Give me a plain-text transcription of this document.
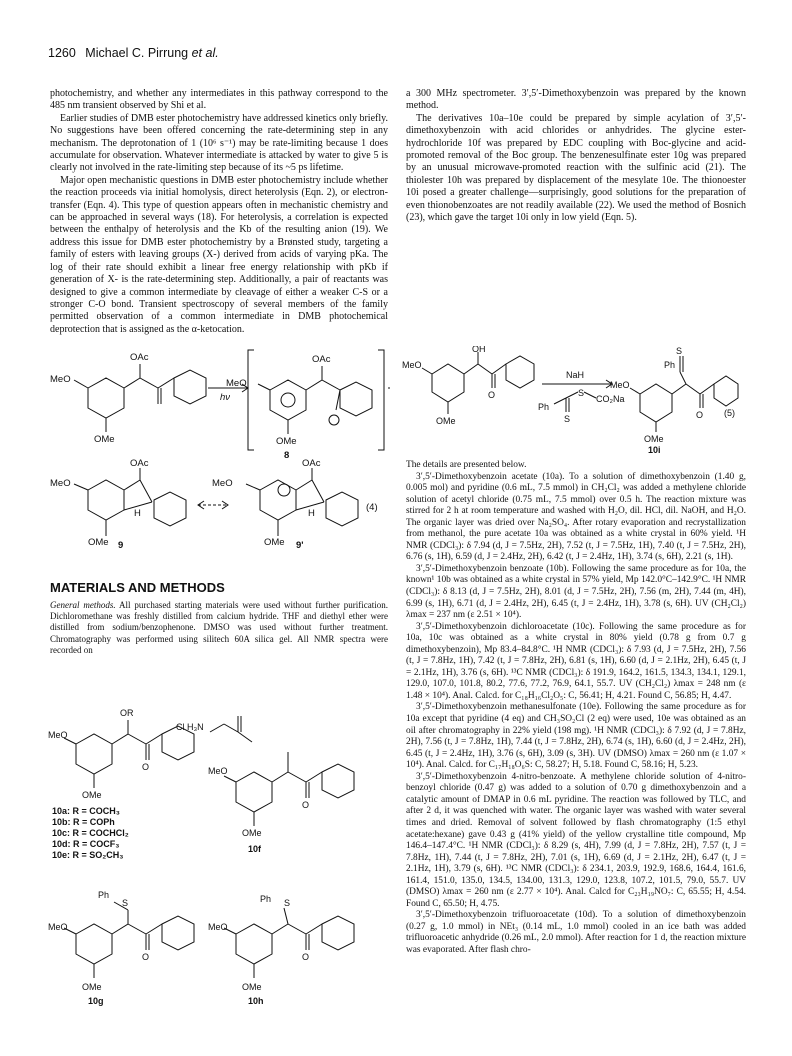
1260 Michael C. Pirrung et al.

photochemistry, and whether any intermediates in this pathway correspond to the 485 nm transient observed by Shi et al.

Earlier studies of DMB ester photochemistry have addressed kinetics only briefly. No suggestions have been offered concerning the rate-determining step in any mechanism. The deprotonation of 1 (10⁶ s⁻¹) may be rate-limiting because 1 does accumulate for observation. Whatever intermediate is attacked by water to give 5 is clearly not involved in the rate-limiting step because of its ~5 ps lifetime.

Major open mechanistic questions in DMB ester photochemistry include whether the reaction proceeds via initial homolysis, direct heterolysis (Eqn. 2), or electron-transfer (Eqn. 4). This type of question appears often in mechanistic chemistry and can be approached in several ways (18). For heterolysis, a correlation is expected between the enthalpy of heterolysis and the Kb of the resulting anion (19). We address this issue for DMB ester photochemistry by a Brønsted study, targeting a family of esters with leaving groups (X-) derived from acids of varying pKa. The log of their rate should exhibit a linear free energy relationship with pKb if generation of X- is the rate-determining step. Additionally, a pair of reactants was designed to give a common intermediate by cleavage of either a weaker C-S or a stronger C-O bond. Transient spectroscopy of several members of the family permitted observation of a common intermediate in DMB photochemical deprotection that is assigned as the α-ketocation.

OAc
MeO
OMe
hν
OAc
MeO
OMe
8
OAc
MeO
H
OMe 9
OAc
MeO
H
OMe 9'
(4)
MATERIALS AND METHODS
General methods. All purchased starting materials were used without further purification. Dichloromethane was freshly distilled from calcium hydride. THF and diethyl ether were distilled from sodium/benzophenone. DMSO was used without further treatment. Chromatography was performed using silitech 60A silica gel. All NMR spectra were recorded on
OR
MeO
OMe
O
Cl H₃N
MeO
OMe
O
10f
Ph
S
MeO
OMe
O
10g
Ph S
MeO
OMe
O
10h
10a: R = COCH₃
10b: R = COPh
10c: R = COCHCl₂
10d: R = COCF₃
10e: R = SO₂CH₃

a 300 MHz spectrometer. 3′,5′-Dimethoxybenzoin was prepared by the known method.

The derivatives 10a–10e could be prepared by simple acylation of 3′,5′-dimethoxybenzoin with acid chlorides or anhydrides. The glycine ester-hydrochloride 10f was prepared by EDC coupling with Boc-glycine and acid-promoted removal of the Boc group. The benzenesulfinate ester 10g was prepared by an unusual microwave-promoted reaction with the sulfinic acid (21). The thiolester 10h was prepared by displacement of the mesylate 10e. The thionoester 10i posed a greater challenge—surprisingly, good solutions for the preparation of even thionobenzoates are not readily available (22). We used the method of Bosnich (23), which gave the target 10i only in low yield (Eqn. 5).

OH
MeO
OMe
O
NaH
Ph
S
CO₂Na
S
S
Ph
MeO
OMe
O
10i
(5)

The details are presented below.

3′,5′-Dimethoxybenzoin acetate (10a). To a solution of dimethoxybenzoin (1.40 g, 0.005 mol) and pyridine (0.6 mL, 7.5 mmol) in CH₂Cl₂ was added a methylene chloride solution of acetyl chloride (0.75 mL, 7.5 mmol) over 0.5 h. The reaction mixture was stirred for 2 h at room temperature and washed with H₂O, dil. HCl, dil. NaOH, and H₂O. The organic layer was dried over Na₂SO₄. After rotary evaporation and recrystallization from methanol, the pure acetate 10a was obtained as a white crystal in 60% yield. ¹H NMR (CDCl₃): δ 7.94 (d, J = 7.5Hz, 2H), 7.52 (t, J = 7.5Hz, 1H), 7.40 (t, J = 7.5Hz, 2H), 6.76 (s, 1H), 6.59 (d, J = 2.4Hz, 2H), 6.42 (t, J = 2.4Hz, 1H), 3.74 (s, 6H), 2.21 (s, 1H).

3′,5′-Dimethoxybenzoin benzoate (10b). Following the same procedure as for 10a, the known¹ 10b was obtained as a white crystal in 57% yield, Mp 142.0°C–142.9°C. ¹H NMR (CDCl₃): δ 8.13 (d, J = 7.5Hz, 2H), 8.01 (d, J = 7.5Hz, 2H), 7.56 (m, 2H), 7.44 (m, 4H), 6.99 (s, 1H), 6.71 (d, J = 2.4Hz, 2H), 6.45 (t, J = 2.4Hz, 1H), 3.78 (s, 6H). UV (CH₂Cl₂) λmax = 237 nm (ε 2.51 × 10⁴).

3′,5′-Dimethoxybenzoin dichloroacetate (10c). Following the same procedure as for 10a, 10c was obtained as a white crystal in 80% yield (0.78 g from 0.7 g dimethoxybenzoin), Mp 83.4–84.8°C. ¹H NMR (CDCl₃): δ 7.93 (d, J = 7.5Hz, 2H), 7.56 (t, J = 7.8Hz, 1H), 7.42 (t, J = 7.8Hz, 2H), 6.81 (s, 1H), 6.60 (d, J = 2.1Hz, 2H), 6.45 (t, J = 2.1Hz, 1H), 3.76 (s, 6H). ¹³C NMR (CDCl₃): δ 191.9, 164.2, 161.5, 134.3, 134.1, 129.1, 129.0, 107.0, 101.8, 80.2, 77.6, 77.2, 76.9, 64.1, 55.7. UV (CH₂Cl₂) λmax = 248 nm (ε 1.48 × 10⁴). Anal. Calcd. for C₁₈H₁₆Cl₂O₅: C, 56.41; H, 4.21. Found C, 56.85; H, 4.47.

3′,5′-Dimethoxybenzoin methanesulfonate (10e). Following the same procedure as for 10a except that pyridine (4 eq) and CH₃SO₂Cl (2 eq) were used, 10e was obtained as an oil after chromatography in 22% yield (198 mg). ¹H NMR (CDCl₃): δ 7.92 (d, J = 7.8Hz, 2H), 7.56 (t, J = 7.8Hz, 1H), 7.44 (t, J = 7.8Hz, 2H), 6.74 (s, 1H), 6.60 (d, J = 2.4Hz, 2H), 6.45 (t, J = 2.4Hz, 1H), 3.76 (s, 6H), 3.09 (s, 3H). UV (DMSO) λmax = 260 nm (ε 1.07 × 10⁴). Anal. Calcd. for C₁₇H₁₈O₆S: C, 58.27; H, 5.18. Found C, 58.16; H, 5.23.

3′,5′-Dimethoxybenzoin 4-nitro-benzoate. A methylene chloride solution of 4-nitro-benzoyl chloride (0.47 g) was added to a solution of 0.70 g dimethoxybenzoin and a catalytic amount of DMAP in 0.6 mL pyridine. The reaction was followed by TLC, and after 2 d, it was quenched with water. The organic layer was washed with water several times and dried. Removal of solvent followed by flash chromatography (1:5 ethyl acetate:hexane) gave 0.43 g (41% yield) of the yellow crystalline title compound, Mp 146.4–147.4°C. ¹H NMR (CDCl₃): δ 8.29 (s, 4H), 7.99 (d, J = 7.8Hz, 2H), 7.57 (t, J = 7.8Hz, 1H), 7.44 (t, J = 7.8Hz, 2H), 7.01 (s, 1H), 6.69 (d, J = 2.1Hz, 2H), 6.47 (t, J = 2.1Hz, 1H), 3.79 (s, 6H). ¹³C NMR (CDCl₃): δ 234.1, 203.9, 192.9, 168.6, 164.4, 161.6, 161.4, 151.0, 135.0, 134.5, 134.00, 131.3, 129.0, 123.8, 107.2, 101.5, 79.0, 55.7. UV (DMSO) λmax = 260 nm (ε 2.77 × 10⁴). Anal. Calcd for C₂₃H₁₉NO₇: C, 65.55; H, 4.54. Found C, 65.50; H, 4.75.

3′,5′-Dimethoxybenzoin trifluoroacetate (10d). To a solution of dimethoxybenzoin (0.27 g, 1.0 mmol) in NEt₃ (0.14 mL, 1.0 mmol) cooled in an ice bath was added trifluoroacetic anhydride (0.26 mL, 2.0 mmol). After reaction for 1 d, the reaction mixture was evaporated. After flash chro-
